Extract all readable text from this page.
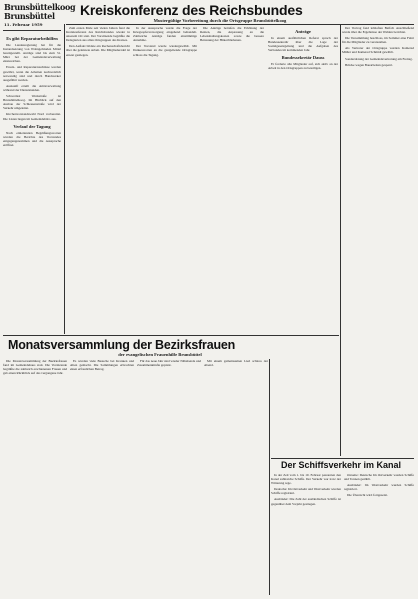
Brunsbüttelkoog
Brunsbüttel
11. Februar 1959

Es gibt Reparaturbeihilfen

Die Landesregierung hat für die Instandsetzung von Wohngebäuden Mittel bereitgestellt. Anträge sind bis zum 31. März bei der Gemeindeverwaltung einzureichen.

Ersatz- und Reparaturzuschüsse werden gewährt, wenn die Arbeiten nachweislich notwendig sind und durch Handwerker ausgeführt werden.

Auskunft erteilt die Amtsverwaltung während der Dienststunden.

Schwerlast Werkstraße ist Brunsbüttelkoog. Im Hinblick auf den Ausbau der Schleusenstraße wird der Verkehr umgeleitet.

Kirchenvorstandswahl Nord vorbereitet. Die Listen liegen im Gemeindebüro aus.

Verlauf der Tagung

Nach einleitenden Begrüßungsworten wurden die Berichte des Vorstandes entgegengenommen und die Aussprache eröffnet.

Kreiskonferenz des Reichsbundes
Mustergültige Vorbereitung durch die Ortsgruppe Brunsbüttelkoog

Zum ersten Male seit vielen Jahren fand die Kreiskonferenz des Reichsbundes wieder in unserem Ort statt. Der Vorsitzende begrüßte die Delegierten aus allen Ortsgruppen des Kreises.

Den Auftakt bildete ein Rechenschaftsbericht über die geleistete Arbeit. Die Mitgliederzahl ist erneut gestiegen.

In der Aussprache wurde die Frage der Kriegsopferversorgung eingehend behandelt. Zahlreiche Anträge fanden einstimmige Annahme.

Der Vorstand wurde wiedergewählt. Mit Dankesworten an die gastgebende Ortsgruppe schloss die Tagung.

Die Anträge betrafen die Erhöhung der Renten, die Anpassung an die Lebenshaltungskosten sowie die bessere Betreuung der Hinterbliebenen.

Anträge

In einem ausführlichen Referat sprach der Bundessekretär über die Lage der Sozialgesetzgebung und die Aufgaben des Verbandes im kommenden Jahr.

Bundessekretär Dauss

Er forderte alle Mitglieder auf, sich aktiv an der Arbeit in den Ortsgruppen zu beteiligen.

Der Vortrag fand lebhaften Beifall. Anschließend wurde über die Ergebnisse der Wahlen berichtet.

Die Versammlung beschloss, im Sommer eine Fahrt für die Mitglieder zu veranstalten.

Als Vertreter der Ortsgruppe wurden Kamerad Müller und Kamerad Schmidt gewählt.

Sondersitzung der Gemeindevertretung am Freitag.

Brücke wegen Bauarbeiten gesperrt.

Monatsversammlung der Bezirksfrauen
der evangelischen Frauenhilfe Brunsbüttel

Die Monatsversammlung der Bezirksfrauen fand im Gemeindehaus statt. Die Vorsitzende begrüßte die zahlreich erschienenen Frauen und gab einen Rückblick auf das vergangene Jahr.

Es wurden viele Besuche bei Kranken und Alten gemacht. Die Sammlungen erbrachten einen erfreulichen Betrag.

Für das neue Jahr sind wieder Nähabende und Zusammenkünfte geplant.

Mit einem gemeinsamen Lied schloss der Abend.

Der Schiffsverkehr im Kanal

In der Zeit vom 1. bis 10. Februar passierten den Kanal zahlreiche Schiffe. Der Verkehr war trotz der Witterung rege.

Deutsche: Im Ostverkehr und Westverkehr wurden Schiffe registriert.

Ausländer: Die Zahl der ausländischen Schiffe ist gegenüber dem Vorjahr gestiegen.

Ostseite: Deutsche Im Ostverkehr wurden Schiffe und Tonnen gezählt.

Ausländer: Im Westverkehr wurden Schiffe registriert.

Die Übersicht wird fortgesetzt.
